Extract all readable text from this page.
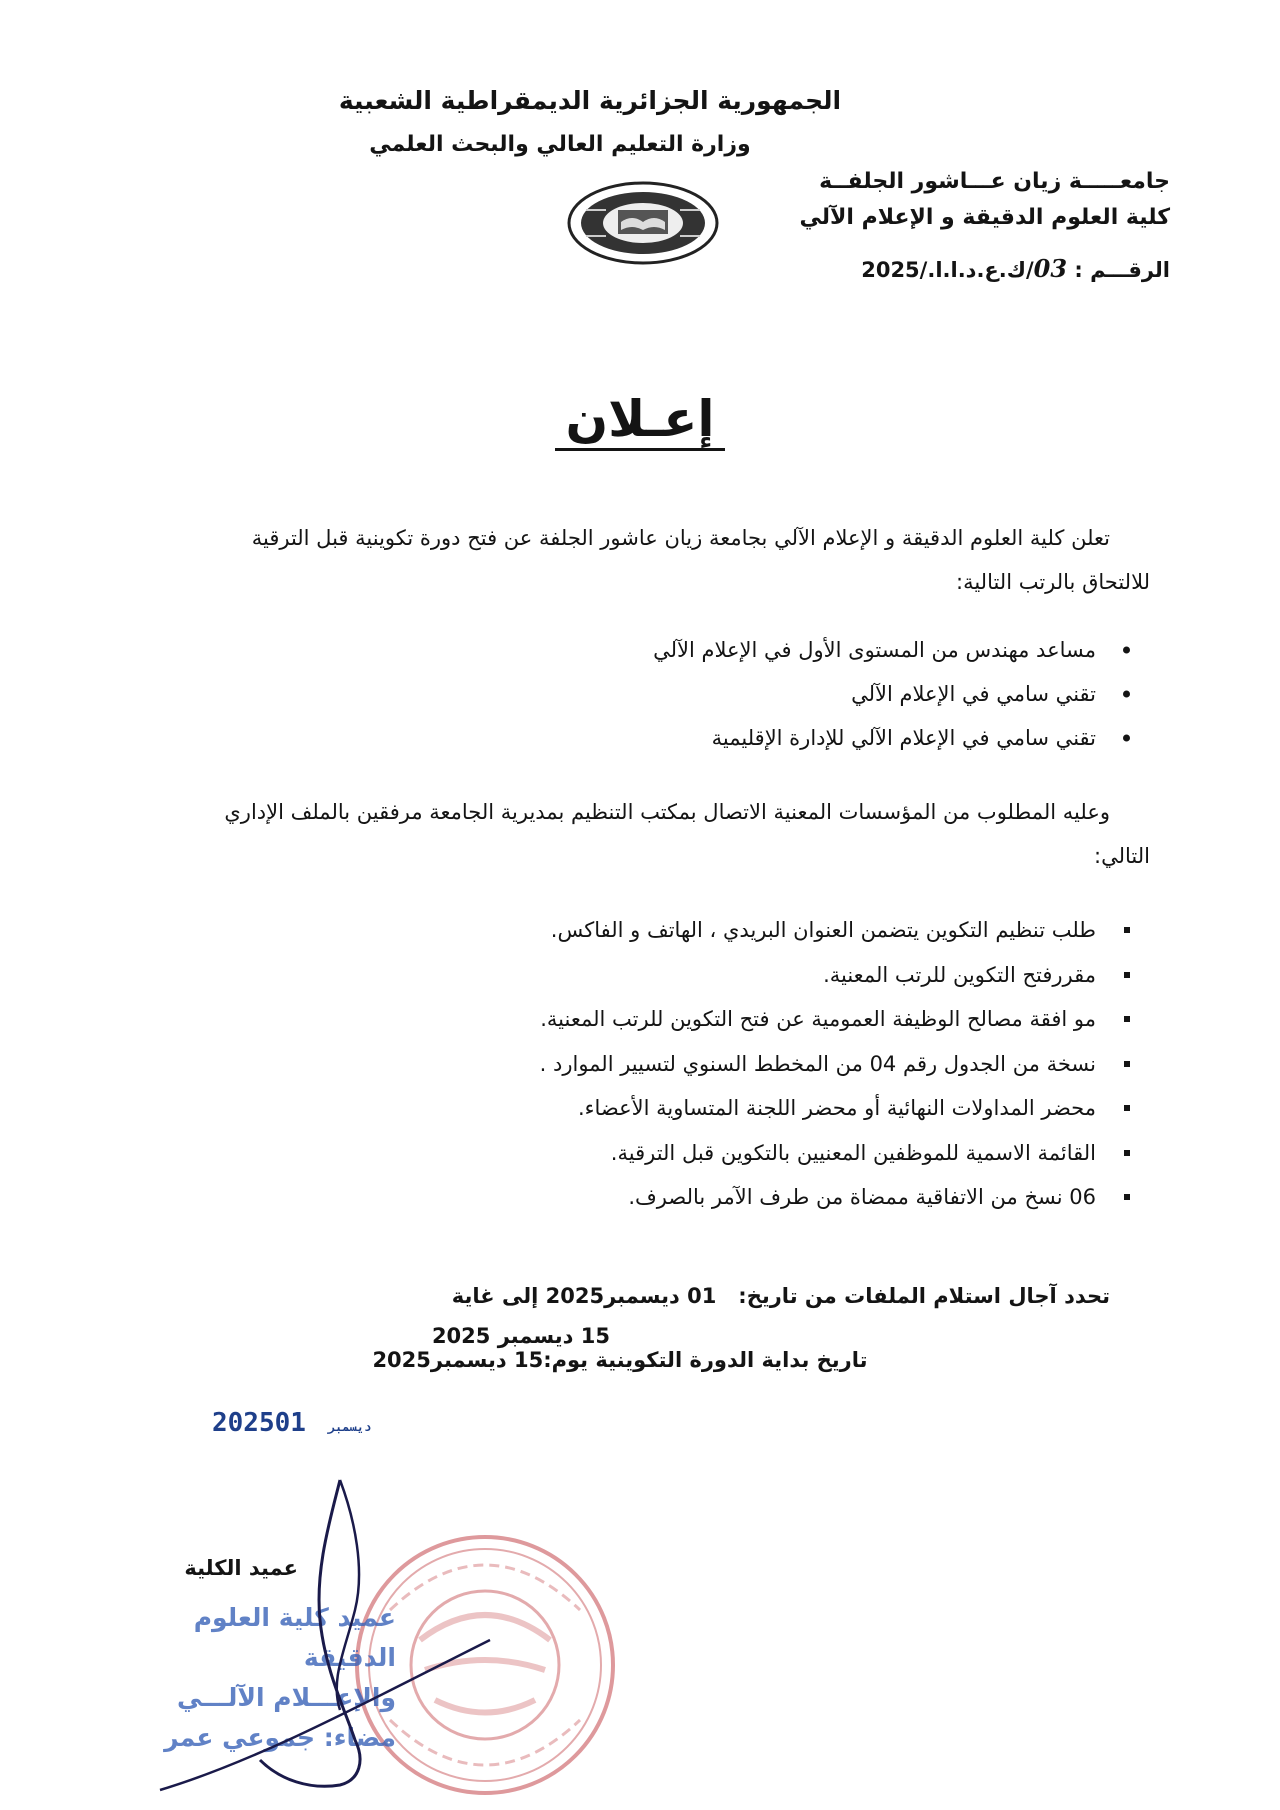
الجمهورية الجزائرية الديمقراطية الشعبية
وزارة التعليم العالي والبحث العلمي
جامعـــــة زيان عـــاشور الجلفــة
كلية العلوم الدقيقة و الإعلام الآلي
الرقـــم : 03/ك.ع.د.ا.ا./2025
إعـلان
تعلن كلية العلوم الدقيقة و الإعلام الآلي بجامعة زيان عاشور الجلفة عن فتح دورة تكوينية قبل الترقية
للالتحاق بالرتب التالية:
مساعد مهندس من المستوى الأول في الإعلام الآلي
تقني سامي في الإعلام الآلي
تقني سامي في الإعلام الآلي للإدارة الإقليمية
وعليه المطلوب من المؤسسات المعنية الاتصال بمكتب التنظيم بمديرية الجامعة مرفقين بالملف الإداري
التالي:
طلب تنظيم التكوين يتضمن العنوان البريدي ، الهاتف و الفاكس.
مقررفتح التكوين للرتب المعنية.
مو افقة مصالح الوظيفة العمومية عن فتح التكوين للرتب المعنية.
نسخة من الجدول رقم 04 من المخطط السنوي لتسيير الموارد .
محضر المداولات النهائية أو محضر اللجنة المتساوية الأعضاء.
القائمة الاسمية للموظفين المعنيين بالتكوين قبل الترقية.
06 نسخ من الاتفاقية ممضاة من طرف الآمر بالصرف.
تحدد آجال استلام الملفات من تاريخ:   01 ديسمبر2025 إلى غاية
15 ديسمبر 2025
تاريخ بداية الدورة التكوينية يوم:15 ديسمبر2025
2025	ديسمبر01
عميد الكلية
عميد كلية العلوم الدقيقة
والإعـــلام الآلـــي
مضاء: جموعي عمر
